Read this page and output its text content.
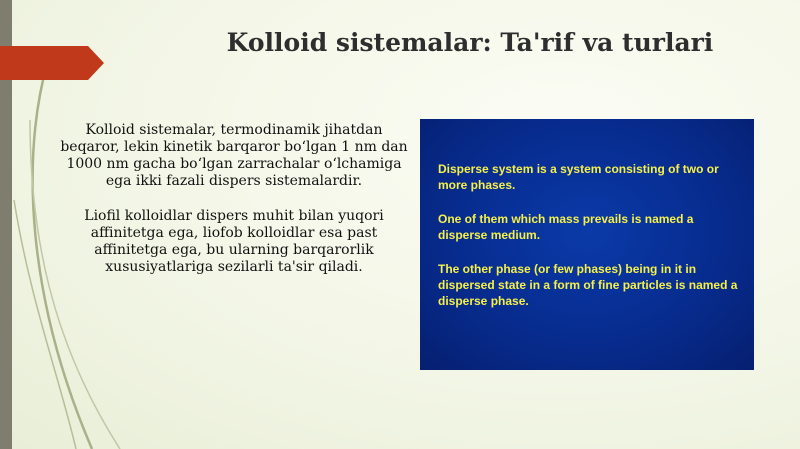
Kolloid sistemalar: Ta'rif va turlari

Kolloid sistemalar, termodinamik jihatdan beqaror, lekin kinetik barqaror boʻlgan 1 nm dan 1000 nm gacha boʻlgan zarrachalar oʻlchamiga ega ikki fazali dispers sistemalardir.

Liofil kolloidlar dispers muhit bilan yuqori affinitetga ega, liofob kolloidlar esa past affinitetga ega, bu ularning barqarorlik xususiyatlariga sezilarli ta'sir qiladi.

Disperse system is a system consisting of two or more phases.

One of them which mass prevails is named a disperse medium.

The other phase (or few phases) being in it in dispersed state in a form of fine particles is named a disperse phase.
